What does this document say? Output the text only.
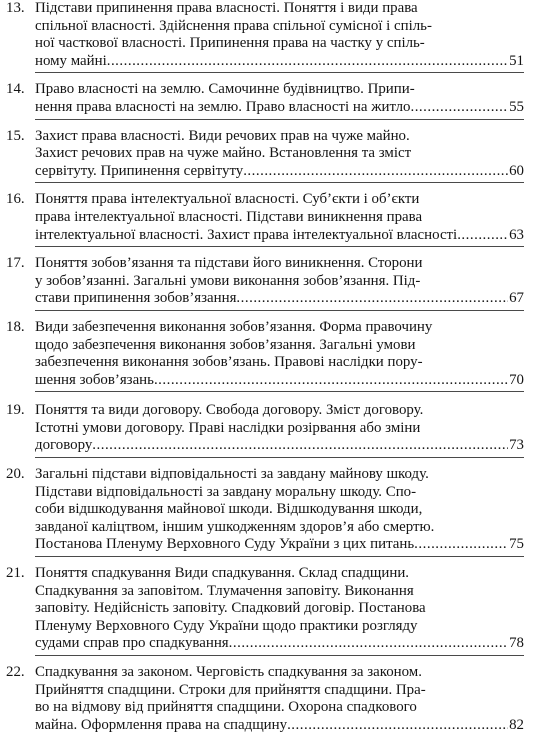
13. Підстави припинення права власності. Поняття і види права
спільної власності. Здійснення права спільної сумісної і спіль-
ної часткової власності. Припинення права на частку у спіль-
ному майні .....	51
14. Право власності на землю. Самочинне будівництво. Припи-
нення права власності на землю. Право власності на житло .....	55
15. Захист права власності. Види речових прав на чуже майно.
Захист речових прав на чуже майно. Встановлення та зміст
сервітуту. Припинення сервітуту .....	60
16. Поняття права інтелектуальної власності. Суб’єкти і об’єкти
права інтелектуальної власності. Підстави виникнення права
інтелектуальної власності. Захист права інтелектуальної власності .....	63
17. Поняття зобов’язання та підстави його виникнення. Сторони
у зобов’язанні. Загальні умови виконання зобов’язання. Під-
стави припинення зобов’язання .....	67
18. Види забезпечення виконання зобов’язання. Форма правочину
щодо забезпечення виконання зобов’язання. Загальні умови
забезпечення виконання зобов’язань. Правові наслідки пору-
шення зобов’язань .....	70
19. Поняття та види договору. Свобода договору. Зміст договору.
Істотні умови договору. Праві наслідки розірвання або зміни
договору .....	73
20. Загальні підстави відповідальності за завдану майнову шкоду.
Підстави відповідальності за завдану моральну шкоду. Спо-
соби відшкодування майнової шкоди. Відшкодування шкоди,
завданої каліцтвом, іншим ушкодженням здоров’я або смертю.
Постанова Пленуму Верховного Суду України з цих питань .....	75
21. Поняття спадкування Види спадкування. Склад спадщини.
Спадкування за заповітом. Тлумачення заповіту. Виконання
заповіту. Недійсність заповіту. Спадковий договір. Постанова
Пленуму Верховного Суду України щодо практики розгляду
судами справ про спадкування .....	78
22. Спадкування за законом. Черговість спадкування за законом.
Прийняття спадщини. Строки для прийняття спадщини. Пра-
во на відмову від прийняття спадщини. Охорона спадкового
майна. Оформлення права на спадщину .....	82
